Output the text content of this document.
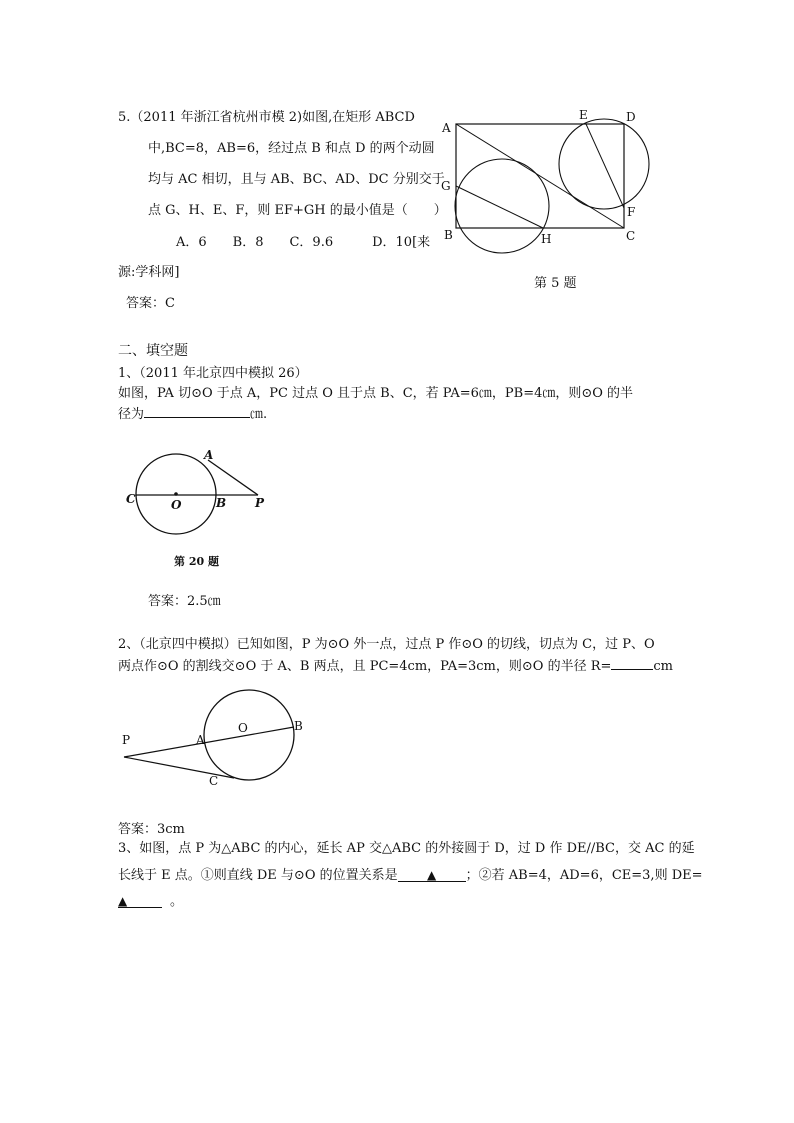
5.（2011 年浙江省杭州市模 2)如图,在矩形 ABCD
中,BC=8，AB=6，经过点 B 和点 D 的两个动圆
均与 AC 相切，且与 AB、BC、AD、DC 分别交于
点 G、H、E、F，则 EF+GH 的最小值是（　　）
A．6　　B．8　　C．9.6　　　D．10[来
源:学科网]
答案：C
A
E	D
G
F
B	H	C
第 5 题
二、填空题
1、（2011 年北京四中模拟 26）
如图，PA 切⊙O 于点 A，PC 过点 O 且于点 B、C，若 PA=6㎝，PB=4㎝，则⊙O 的半
径为	㎝.
A
C	O	B P
第 20 题
答案：2.5㎝
2、（北京四中模拟）已知如图，P 为⊙O 外一点，过点 P 作⊙O 的切线，切点为 C，过 P、O
两点作⊙O 的割线交⊙O 于 A、B 两点，且 PC=4cm，PA=3cm，则⊙O 的半径 R=	cm
P	A
O	B
C
答案：3cm
3、如图，点 P 为△ABC 的内心，延长 AP 交△ABC 的外接圆于 D，过 D 作 DE//BC，交 AC 的延
长线于 E 点。①则直线 DE 与⊙O 的位置关系是 ▲ ；②若 AB=4，AD=6，CE=3,则 DE=
▲	。
